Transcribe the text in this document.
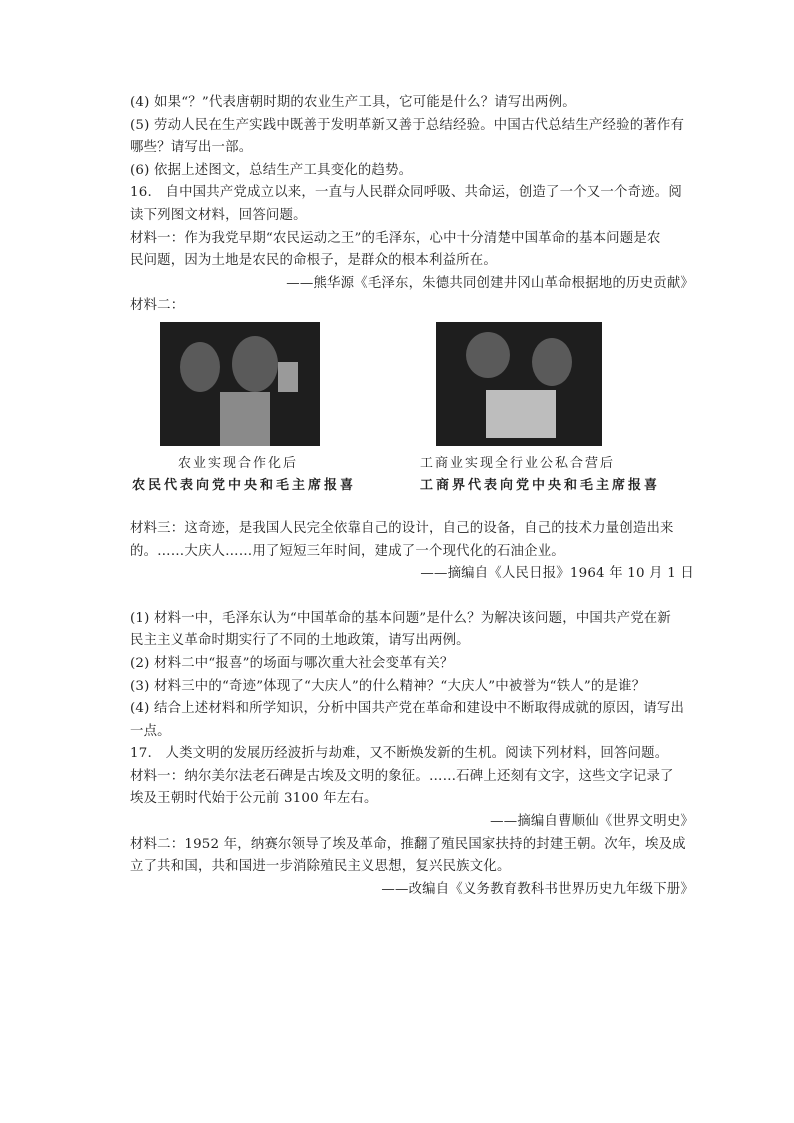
(4) 如果“？”代表唐朝时期的农业生产工具，它可能是什么？请写出两例。
(5) 劳动人民在生产实践中既善于发明革新又善于总结经验。中国古代总结生产经验的著作有
哪些？请写出一部。
(6) 依据上述图文，总结生产工具变化的趋势。
16.　自中国共产党成立以来，一直与人民群众同呼吸、共命运，创造了一个又一个奇迹。阅
读下列图文材料，回答问题。
材料一：作为我党早期“农民运动之王”的毛泽东，心中十分清楚中国革命的基本问题是农
民问题，因为土地是农民的命根子，是群众的根本利益所在。
——熊华源《毛泽东，朱德共同创建井冈山革命根据地的历史贡献》
材料二：
农业实现合作化后
农民代表向党中央和毛主席报喜
工商业实现全行业公私合营后
工商界代表向党中央和毛主席报喜
材料三：这奇迹，是我国人民完全依靠自己的设计，自己的设备，自己的技术力量创造出来
的。……大庆人……用了短短三年时间，建成了一个现代化的石油企业。
——摘编自《人民日报》1964 年 10 月 1 日
(1) 材料一中，毛泽东认为“中国革命的基本问题”是什么？为解决该问题，中国共产党在新
民主主义革命时期实行了不同的土地政策，请写出两例。
(2) 材料二中“报喜”的场面与哪次重大社会变革有关？
(3) 材料三中的“奇迹”体现了“大庆人”的什么精神？“大庆人”中被誉为“铁人”的是谁？
(4) 结合上述材料和所学知识，分析中国共产党在革命和建设中不断取得成就的原因，请写出
一点。
17.　人类文明的发展历经波折与劫难，又不断焕发新的生机。阅读下列材料，回答问题。
材料一：纳尔美尔法老石碑是古埃及文明的象征。……石碑上还刻有文字，这些文字记录了
埃及王朝时代始于公元前 3100 年左右。
——摘编自曹顺仙《世界文明史》
材料二：1952 年，纳赛尔领导了埃及革命，推翻了殖民国家扶持的封建王朝。次年，埃及成
立了共和国，共和国进一步消除殖民主义思想，复兴民族文化。
——改编自《义务教育教科书世界历史九年级下册》
